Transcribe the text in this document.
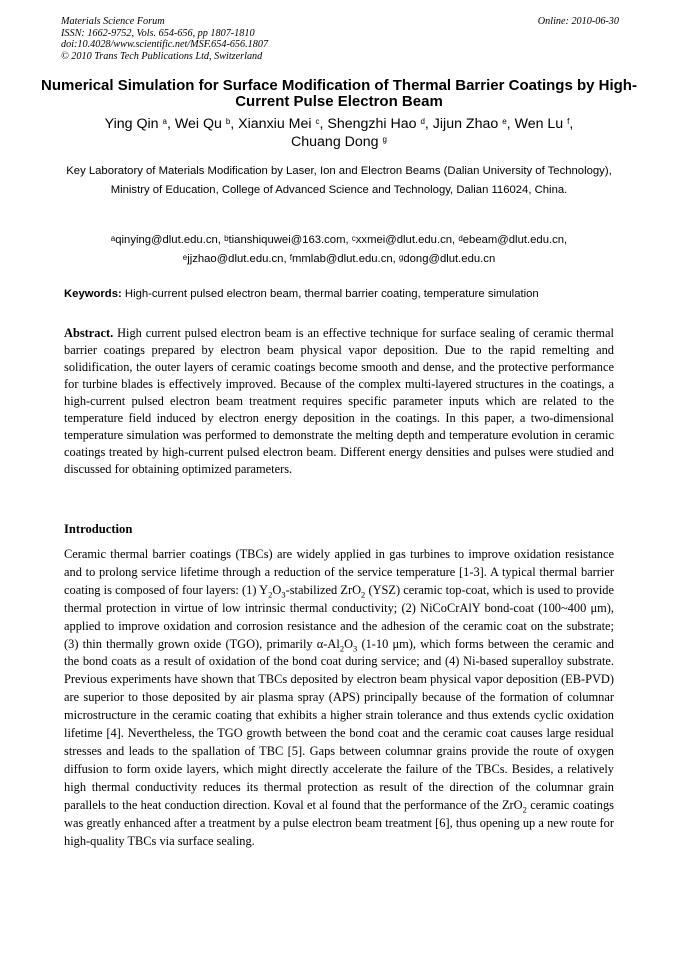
Materials Science Forum	Online: 2010-06-30
ISSN: 1662-9752, Vols. 654-656, pp 1807-1810
doi:10.4028/www.scientific.net/MSF.654-656.1807
© 2010 Trans Tech Publications Ltd, Switzerland
Numerical Simulation for Surface Modification of Thermal Barrier Coatings by High-Current Pulse Electron Beam
Ying Qin $^a$, Wei Qu $^b$, Xianxiu Mei $^c$, Shengzhi Hao $^d$, Jijun Zhao $^e$, Wen Lu $^f$,
Chuang Dong $^g$
Key Laboratory of Materials Modification by Laser, Ion and Electron Beams (Dalian University of Technology), Ministry of Education, College of Advanced Science and Technology, Dalian 116024, China.
$^a$qinying@dlut.edu.cn, $^b$tianshiquwei@163.com, $^c$xxmei@dlut.edu.cn, $^d$ebeam@dlut.edu.cn,
$^e$jjzhao@dlut.edu.cn, $^f$mmlab@dlut.edu.cn, $^g$dong@dlut.edu.cn
Keywords: High-current pulsed electron beam, thermal barrier coating, temperature simulation
Abstract. High current pulsed electron beam is an effective technique for surface sealing of ceramic thermal barrier coatings prepared by electron beam physical vapor deposition. Due to the rapid remelting and solidification, the outer layers of ceramic coatings become smooth and dense, and the protective performance for turbine blades is effectively improved. Because of the complex multi-layered structures in the coatings, a high-current pulsed electron beam treatment requires specific parameter inputs which are related to the temperature field induced by electron energy deposition in the coatings. In this paper, a two-dimensional temperature simulation was performed to demonstrate the melting depth and temperature evolution in ceramic coatings treated by high-current pulsed electron beam. Different energy densities and pulses were studied and discussed for obtaining optimized parameters.
Introduction
Ceramic thermal barrier coatings (TBCs) are widely applied in gas turbines to improve oxidation resistance and to prolong service lifetime through a reduction of the service temperature [1-3]. A typical thermal barrier coating is composed of four layers: (1) $Y_2O_3$-stabilized ZrO$_2$ (YSZ) ceramic top-coat, which is used to provide thermal protection in virtue of low intrinsic thermal conductivity; (2) NiCoCrAlY bond-coat (100~400 μm), applied to improve oxidation and corrosion resistance and the adhesion of the ceramic coat on the substrate; (3) thin thermally grown oxide (TGO), primarily $\alpha-Al_2O_3$ (1-10 μm), which forms between the ceramic and the bond coats as a result of oxidation of the bond coat during service; and (4) Ni-based superalloy substrate. Previous experiments have shown that TBCs deposited by electron beam physical vapor deposition (EB-PVD) are superior to those deposited by air plasma spray (APS) principally because of the formation of columnar microstructure in the ceramic coating that exhibits a higher strain tolerance and thus extends cyclic oxidation lifetime [4]. Nevertheless, the TGO growth between the bond coat and the ceramic coat causes large residual stresses and leads to the spallation of TBC [5]. Gaps between columnar grains provide the route of oxygen diffusion to form oxide layers, which might directly accelerate the failure of the TBCs. Besides, a relatively high thermal conductivity reduces its thermal protection as result of the direction of the columnar grain parallels to the heat conduction direction. Koval et al found that the performance of the ZrO$_2$ ceramic coatings was greatly enhanced after a treatment by a pulse electron beam treatment [6], thus opening up a new route for high-quality TBCs via surface sealing.
